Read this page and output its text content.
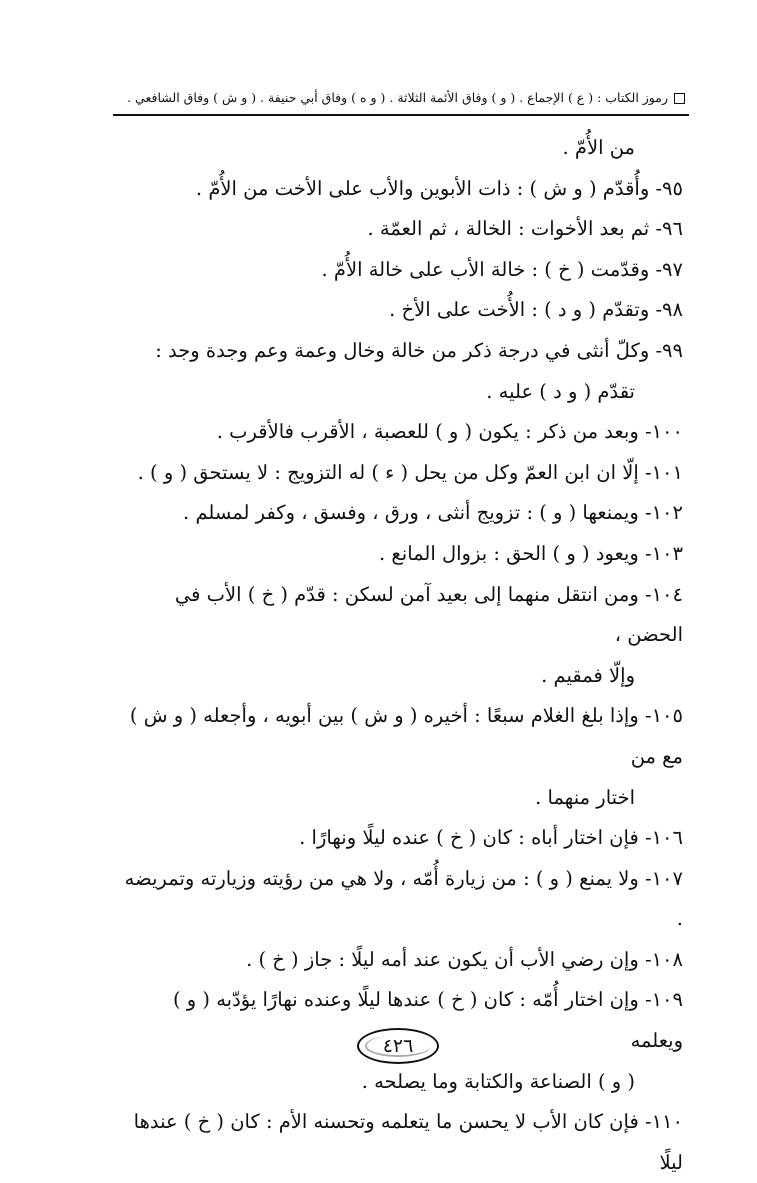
رموز الكتاب : ( ع ) الإجماع . ( و ) وفاق الأئمة الثلاثة . ( و ه ) وفاق أبي حنيفة . ( و ش ) وفاق الشافعي .

من الأُمّ .

٩٥- وأُقدّم ( و ش ) : ذات الأبوين والأب على الأخت من الأُمّ .

٩٦- ثم بعد الأخوات : الخالة ، ثم العمّة .

٩٧- وقدّمت ( خ ) : خالة الأب على خالة الأُمّ .

٩٨- وتقدّم ( و د ) : الأُخت على الأخ .

٩٩- وكلّ أنثى في درجة ذكر من خالة وخال وعمة وعم وجدة وجد :

تقدّم ( و د ) عليه .

١٠٠- وبعد من ذكر : يكون ( و ) للعصبة ، الأقرب فالأقرب .

١٠١- إلّا ان ابن العمّ وكل من يحل ( ء ) له التزويج : لا يستحق ( و ) .

١٠٢- ويمنعها ( و ) : تزويج أنثى ، ورق ، وفسق ، وكفر لمسلم .

١٠٣- ويعود ( و ) الحق : بزوال المانع .

١٠٤- ومن انتقل منهما إلى بعيد آمن لسكن : قدّم ( خ ) الأب في الحضن ،

وإلّا فمقيم .

١٠٥- وإذا بلغ الغلام سبعًا : أخيره ( و ش ) بين أبويه ، وأجعله ( و ش ) مع من

اختار منهما .

١٠٦- فإن اختار أباه : كان ( خ ) عنده ليلًا ونهارًا .

١٠٧- ولا يمنع ( و ) : من زيارة أُمّه ، ولا هي من رؤيته وزيارته وتمريضه .

١٠٨- وإن رضي الأب أن يكون عند أمه ليلًا : جاز ( خ ) .

١٠٩- وإن اختار أُمّه : كان ( خ ) عندها ليلًا وعنده نهارًا يؤدّبه ( و ) ويعلمه

( و ) الصناعة والكتابة وما يصلحه .

١١٠- فإن كان الأب لا يحسن ما يتعلمه وتحسنه الأم : كان ( خ ) عندها ليلًا

٤٢٦
